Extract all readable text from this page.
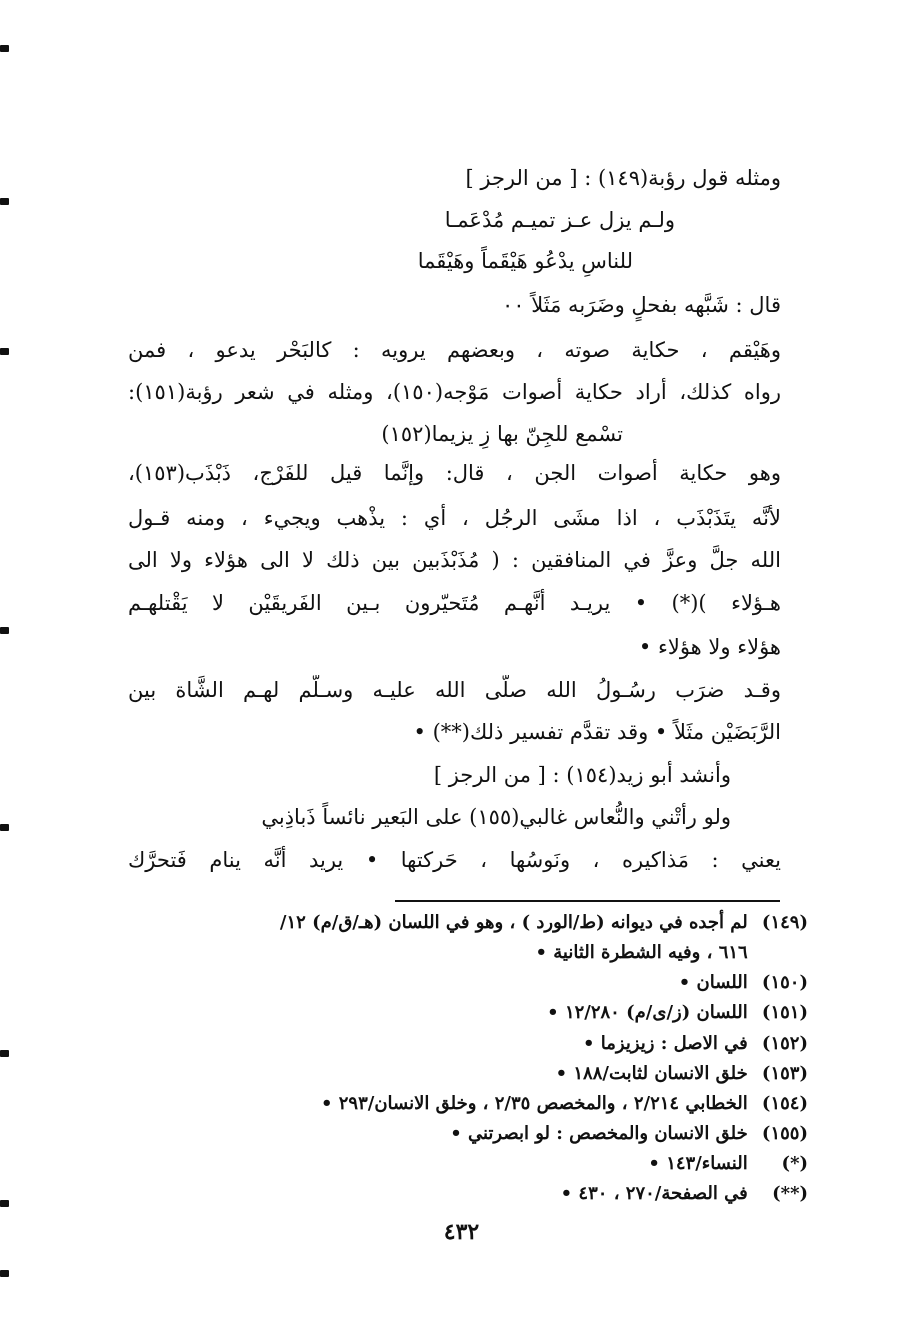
ومثله قول رؤبة(١٤٩) : [ من الرجز ]
ولـم يزل عـز تميـم مُدْعَمـا
للناسِ يدْعُو هَيْقَماً وهَيْقَما
قال : شَبَّهه بفحلٍ وضَرَبه مَثَلاً ٠٠
وهَيْقم ، حكاية صوته ، وبعضهم يرويه : كالبَحْر يدعو ، فمن
رواه كذلك، أراد حكاية أصوات مَوْجه(١٥٠)، ومثله في شعر رؤبة(١٥١):
تسْمع للجِنّ بها زِ يزيما(١٥٢)
وهو حكاية أصوات الجن ، قال: وإنَّما قيل للفَرْج، ذَبْذَب(١٥٣)،
لأنَّه يتَذَبْذَب ، اذا مشَى الرجُل ، أي : يذْهب ويجيء ، ومنه قـول
الله جلَّ وعزَّ في المنافقين : ( مُذَبْذَبين بين ذلك لا الى هؤلاء ولا الى
هـؤلاء )(*) • يريـد أنَّهـم مُتَحيّرون بـين الفَريقَيْن لا يَقْتلهـم
هؤلاء ولا هؤلاء •
وقـد ضرَب رسُـولُ الله صلَّى الله عليـه وسـلَّم لهـم الشَّاة بين
الرَّبَضَيْن مثَلاً • وقد تقدَّم تفسير ذلك(**) •
وأنشد أبو زيد(١٥٤) : [ من الرجز ]
ولو رأتْني والنُّعاس غالبي(١٥٥) على البَعير نائساً ذَباذِبي
يعني : مَذاكيره ، ونَوسُها ، حَركتها • يريد أنَّه ينام فَتحرَّك
(١٤٩) لم أجده في ديوانه (ط/الورد ) ، وهو في اللسان (هـ/ق/م) ١٢/
٦١٦ ، وفيه الشطرة الثانية •
(١٥٠) اللسان •
(١٥١) اللسان (ز/ى/م) ١٢/٢٨٠ •
(١٥٢) في الاصل : زيزيزما •
(١٥٣) خلق الانسان لثابت/١٨٨ •
(١٥٤) الخطابي ٢/٢١٤ ، والمخصص ٢/٣٥ ، وخلق الانسان/٢٩٣ •
(١٥٥) خلق الانسان والمخصص : لو ابصرتني •
(*) النساء/١٤٣ •
(**) في الصفحة/٢٧٠ ، ٤٣٠ •
٤٣٢
